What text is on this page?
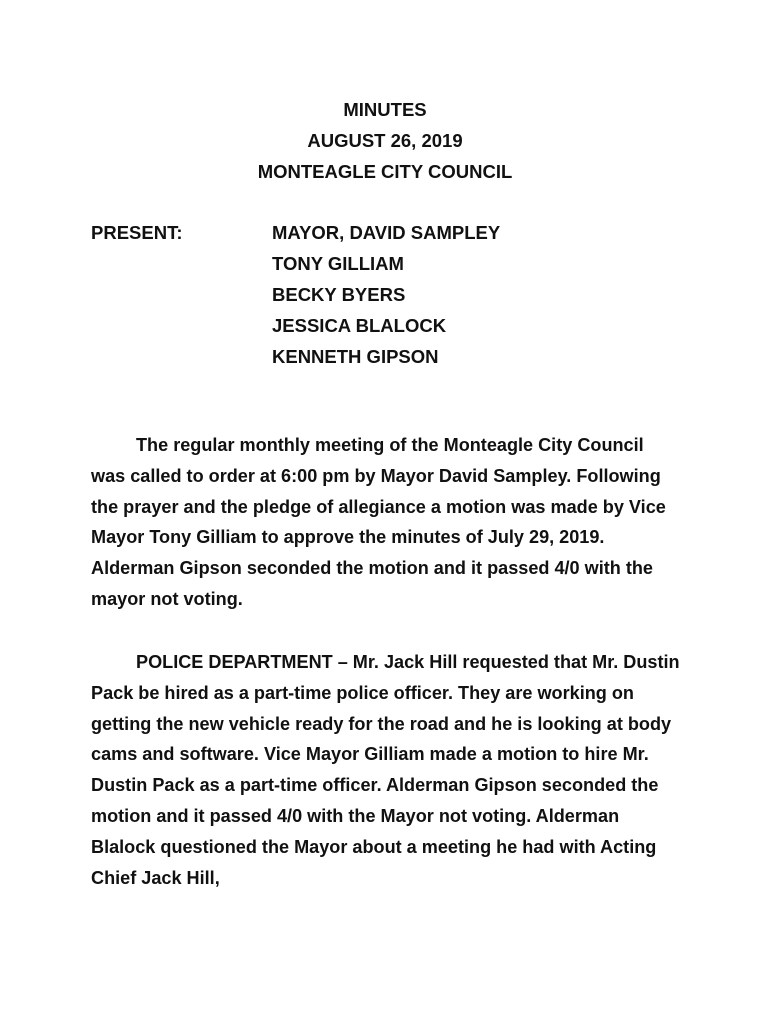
MINUTES
AUGUST 26, 2019
MONTEAGLE CITY COUNCIL
PRESENT:	MAYOR, DAVID SAMPLEY
TONY GILLIAM
BECKY BYERS
JESSICA BLALOCK
KENNETH GIPSON

The regular monthly meeting of the Monteagle City Council was called to order at 6:00 pm by Mayor David Sampley. Following the prayer and the pledge of allegiance a motion was made by Vice Mayor Tony Gilliam to approve the minutes of July 29, 2019. Alderman Gipson seconded the motion and it passed 4/0 with the mayor not voting.

POLICE DEPARTMENT – Mr. Jack Hill requested that Mr. Dustin Pack be hired as a part-time police officer. They are working on getting the new vehicle ready for the road and he is looking at body cams and software. Vice Mayor Gilliam made a motion to hire Mr. Dustin Pack as a part-time officer. Alderman Gipson seconded the motion and it passed 4/0 with the Mayor not voting. Alderman Blalock questioned the Mayor about a meeting he had with Acting Chief Jack Hill,
